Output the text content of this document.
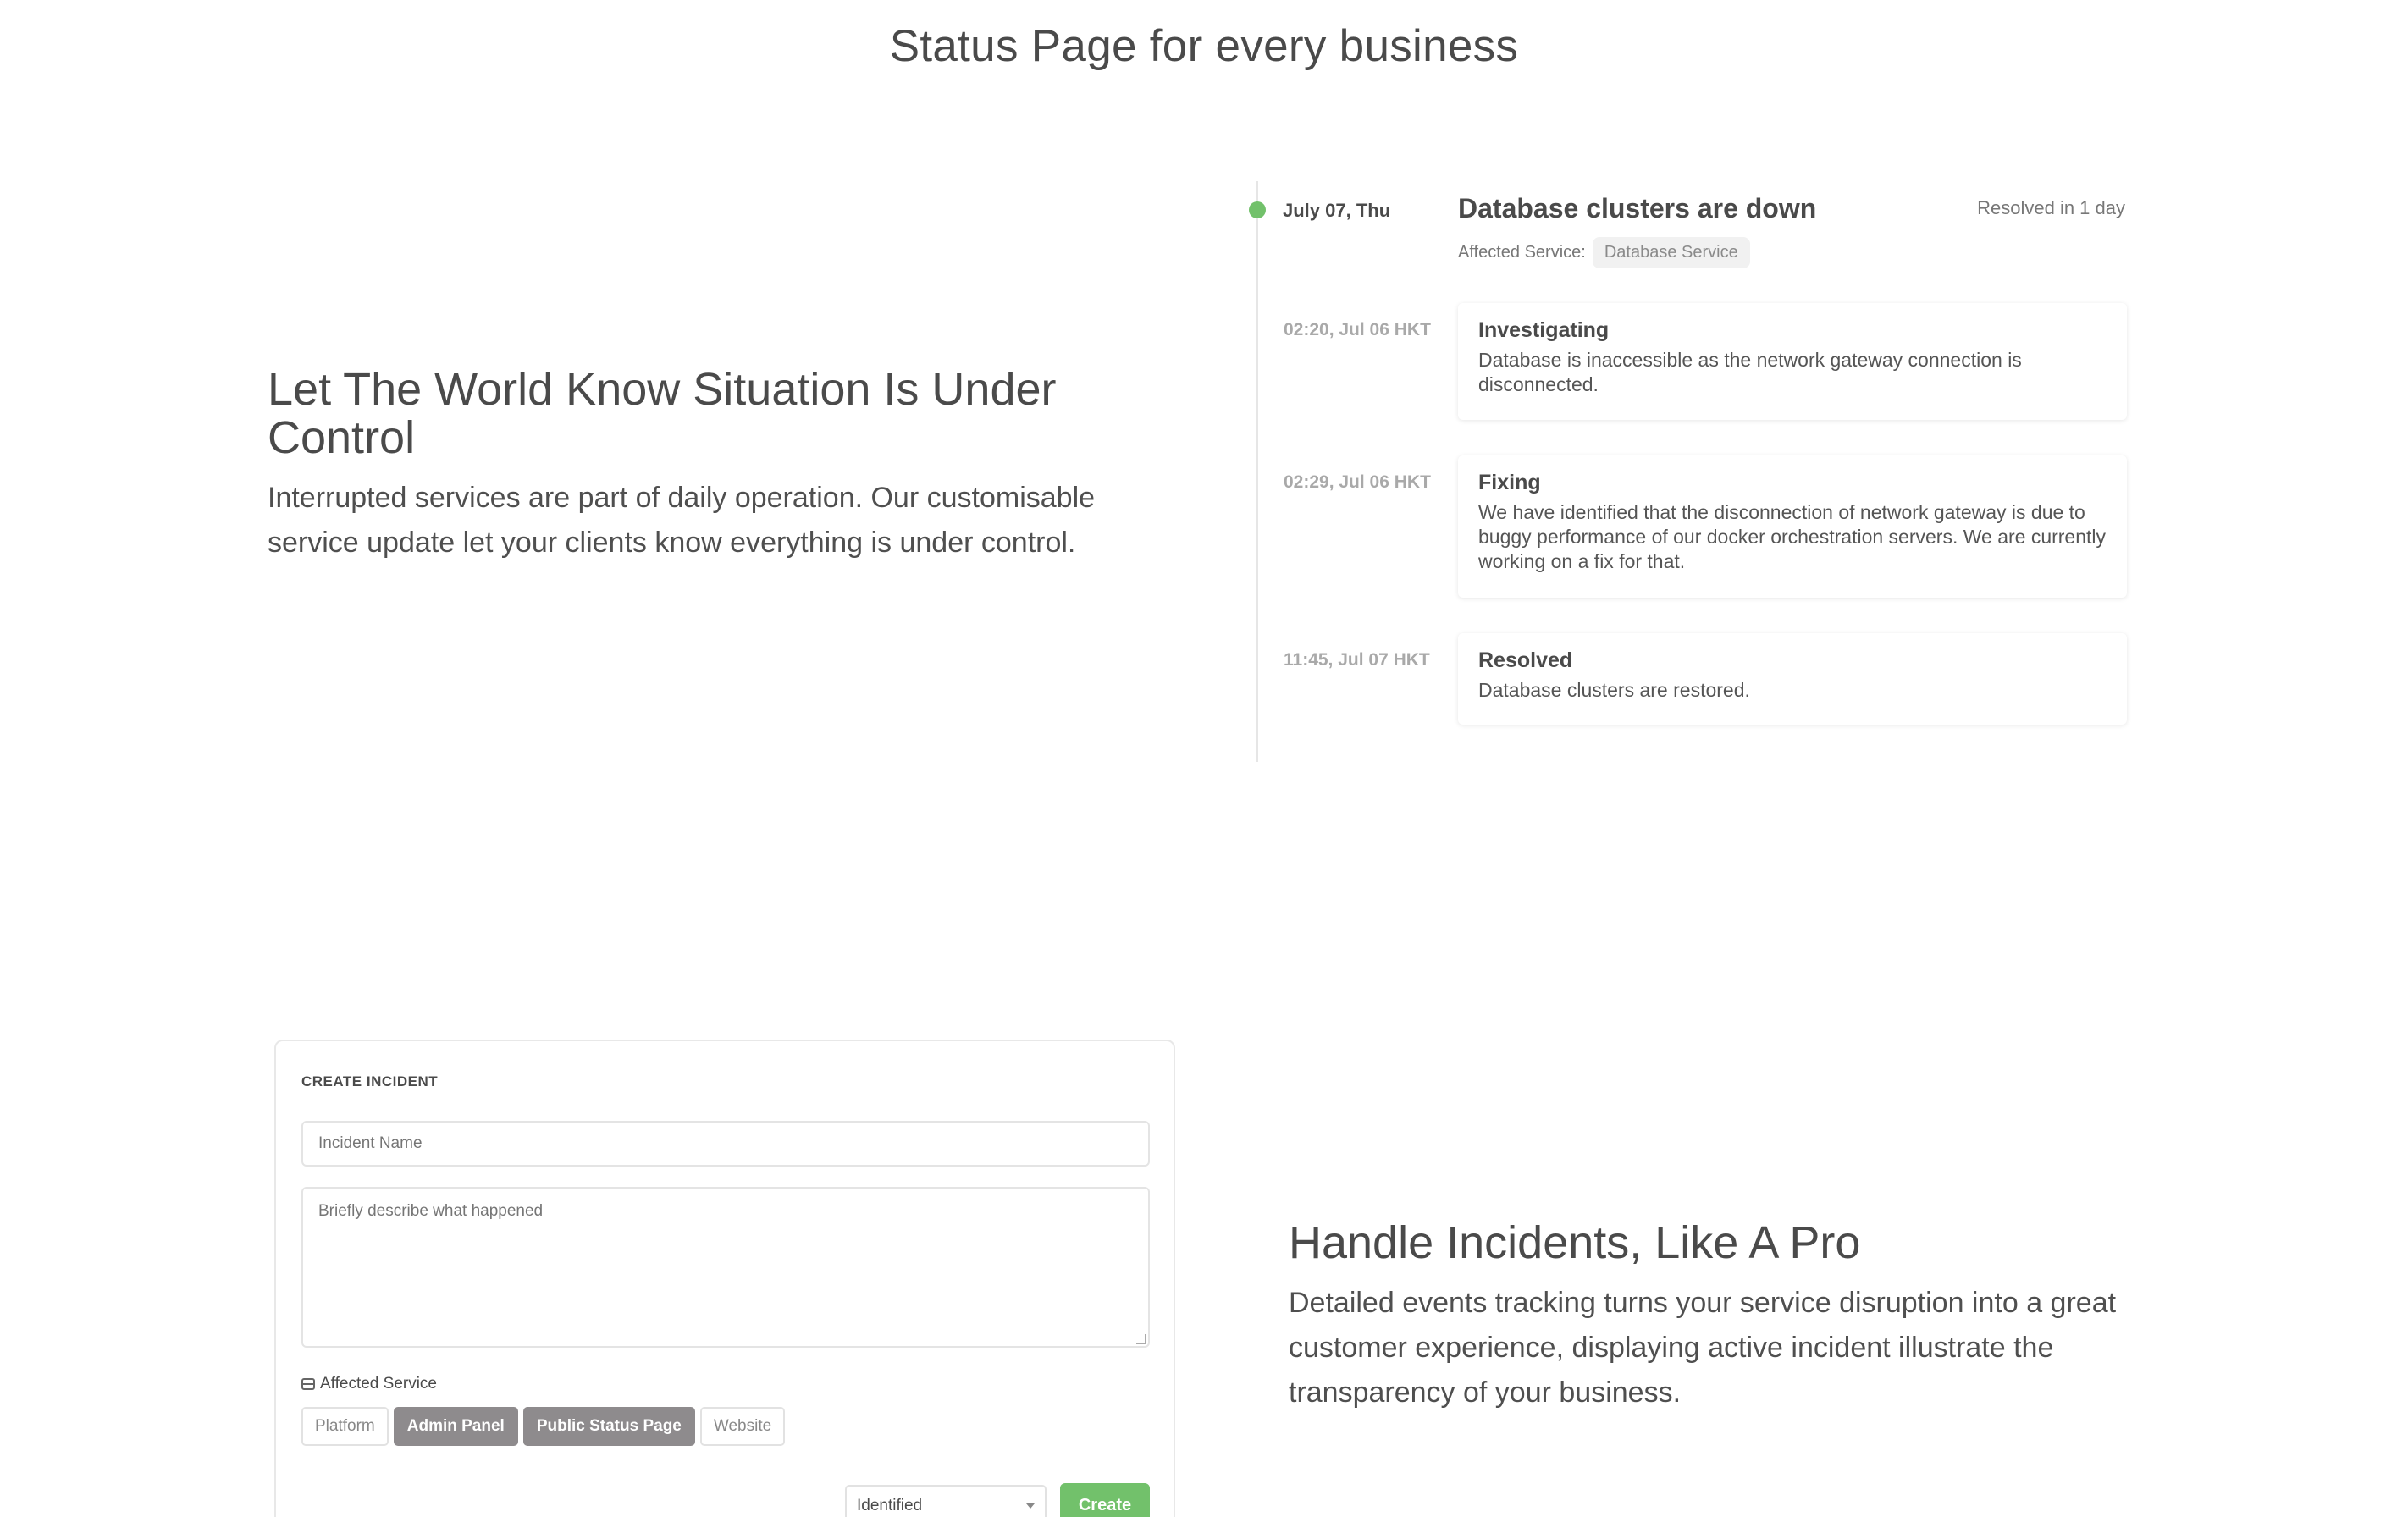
Status Page for every business
Let The World Know Situation Is Under Control
Interrupted services are part of daily operation. Our customisable service update let your clients know everything is under control.
July 07, Thu Database clusters are down	Resolved in 1 day
Affected Service:	Database Service
02:20, Jul 06 HKT Investigating
Database is inaccessible as the network gateway connection is disconnected.
02:29, Jul 06 HKT Fixing
We have identified that the disconnection of network gateway is due to buggy performance of our docker orchestration servers. We are currently working on a fix for that.
11:45, Jul 07 HKT Resolved
Database clusters are restored.
CREATE INCIDENT
Incident Name
Briefly describe what happened
Affected Service
Platform	Admin Panel	Public Status Page	Website
Identified	Create
Handle Incidents, Like A Pro
Detailed events tracking turns your service disruption into a great customer experience, displaying active incident illustrate the transparency of your business.
